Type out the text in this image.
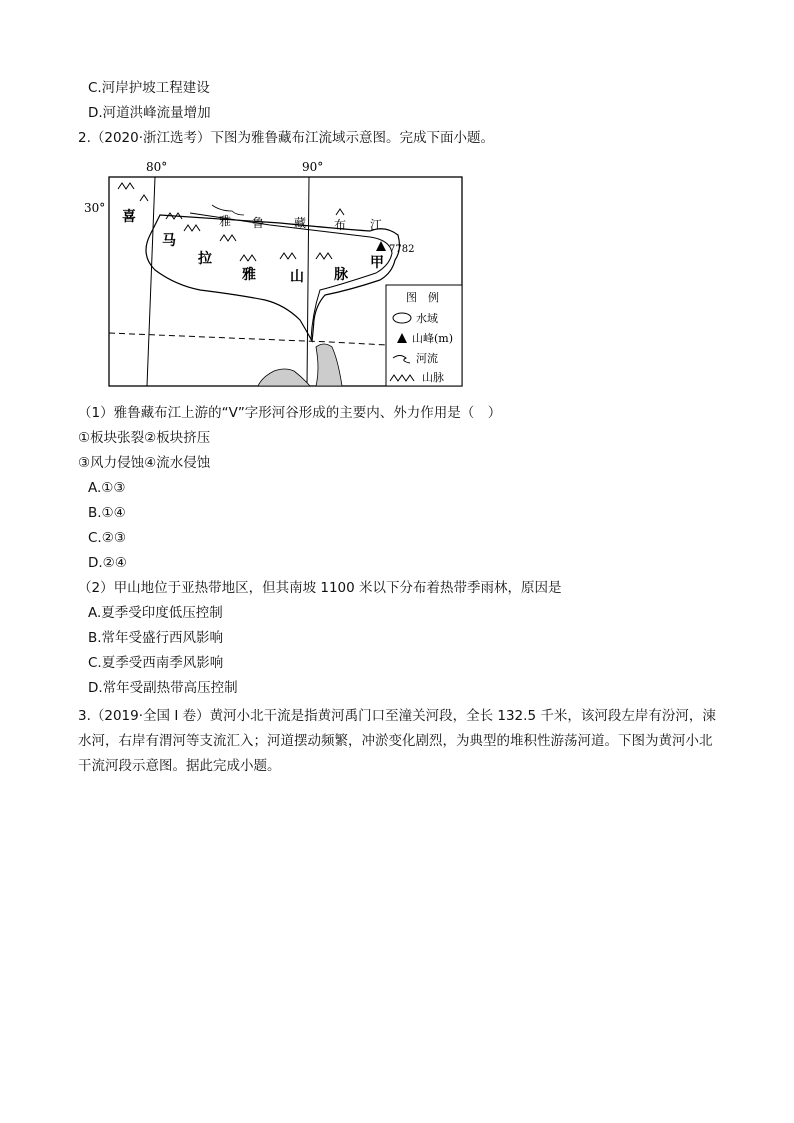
C.河岸护坡工程建设
D.河道洪峰流量增加
2.（2020·浙江选考）下图为雅鲁藏布江流域示意图。完成下面小题。
80°	90°
30°
喜
马
拉
雅 山 脉
雅 鲁 藏 布 江
甲
7782
图　例
水域
山峰(m)
河流
山脉
（1）雅鲁藏布江上游的“V”字形河谷形成的主要内、外力作用是（　）
①板块张裂②板块挤压
③风力侵蚀④流水侵蚀
A.①③
B.①④
C.②③
D.②④
（2）甲山地位于亚热带地区，但其南坡 1100 米以下分布着热带季雨林，原因是
A.夏季受印度低压控制
B.常年受盛行西风影响
C.夏季受西南季风影响
D.常年受副热带高压控制
3.（2019·全国 I 卷）黄河小北干流是指黄河禹门口至潼关河段，全长 132.5 千米，该河段左岸有汾河，涑水河，右岸有渭河等支流汇入；河道摆动频繁，冲淤变化剧烈，为典型的堆积性游荡河道。下图为黄河小北干流河段示意图。据此完成小题。
